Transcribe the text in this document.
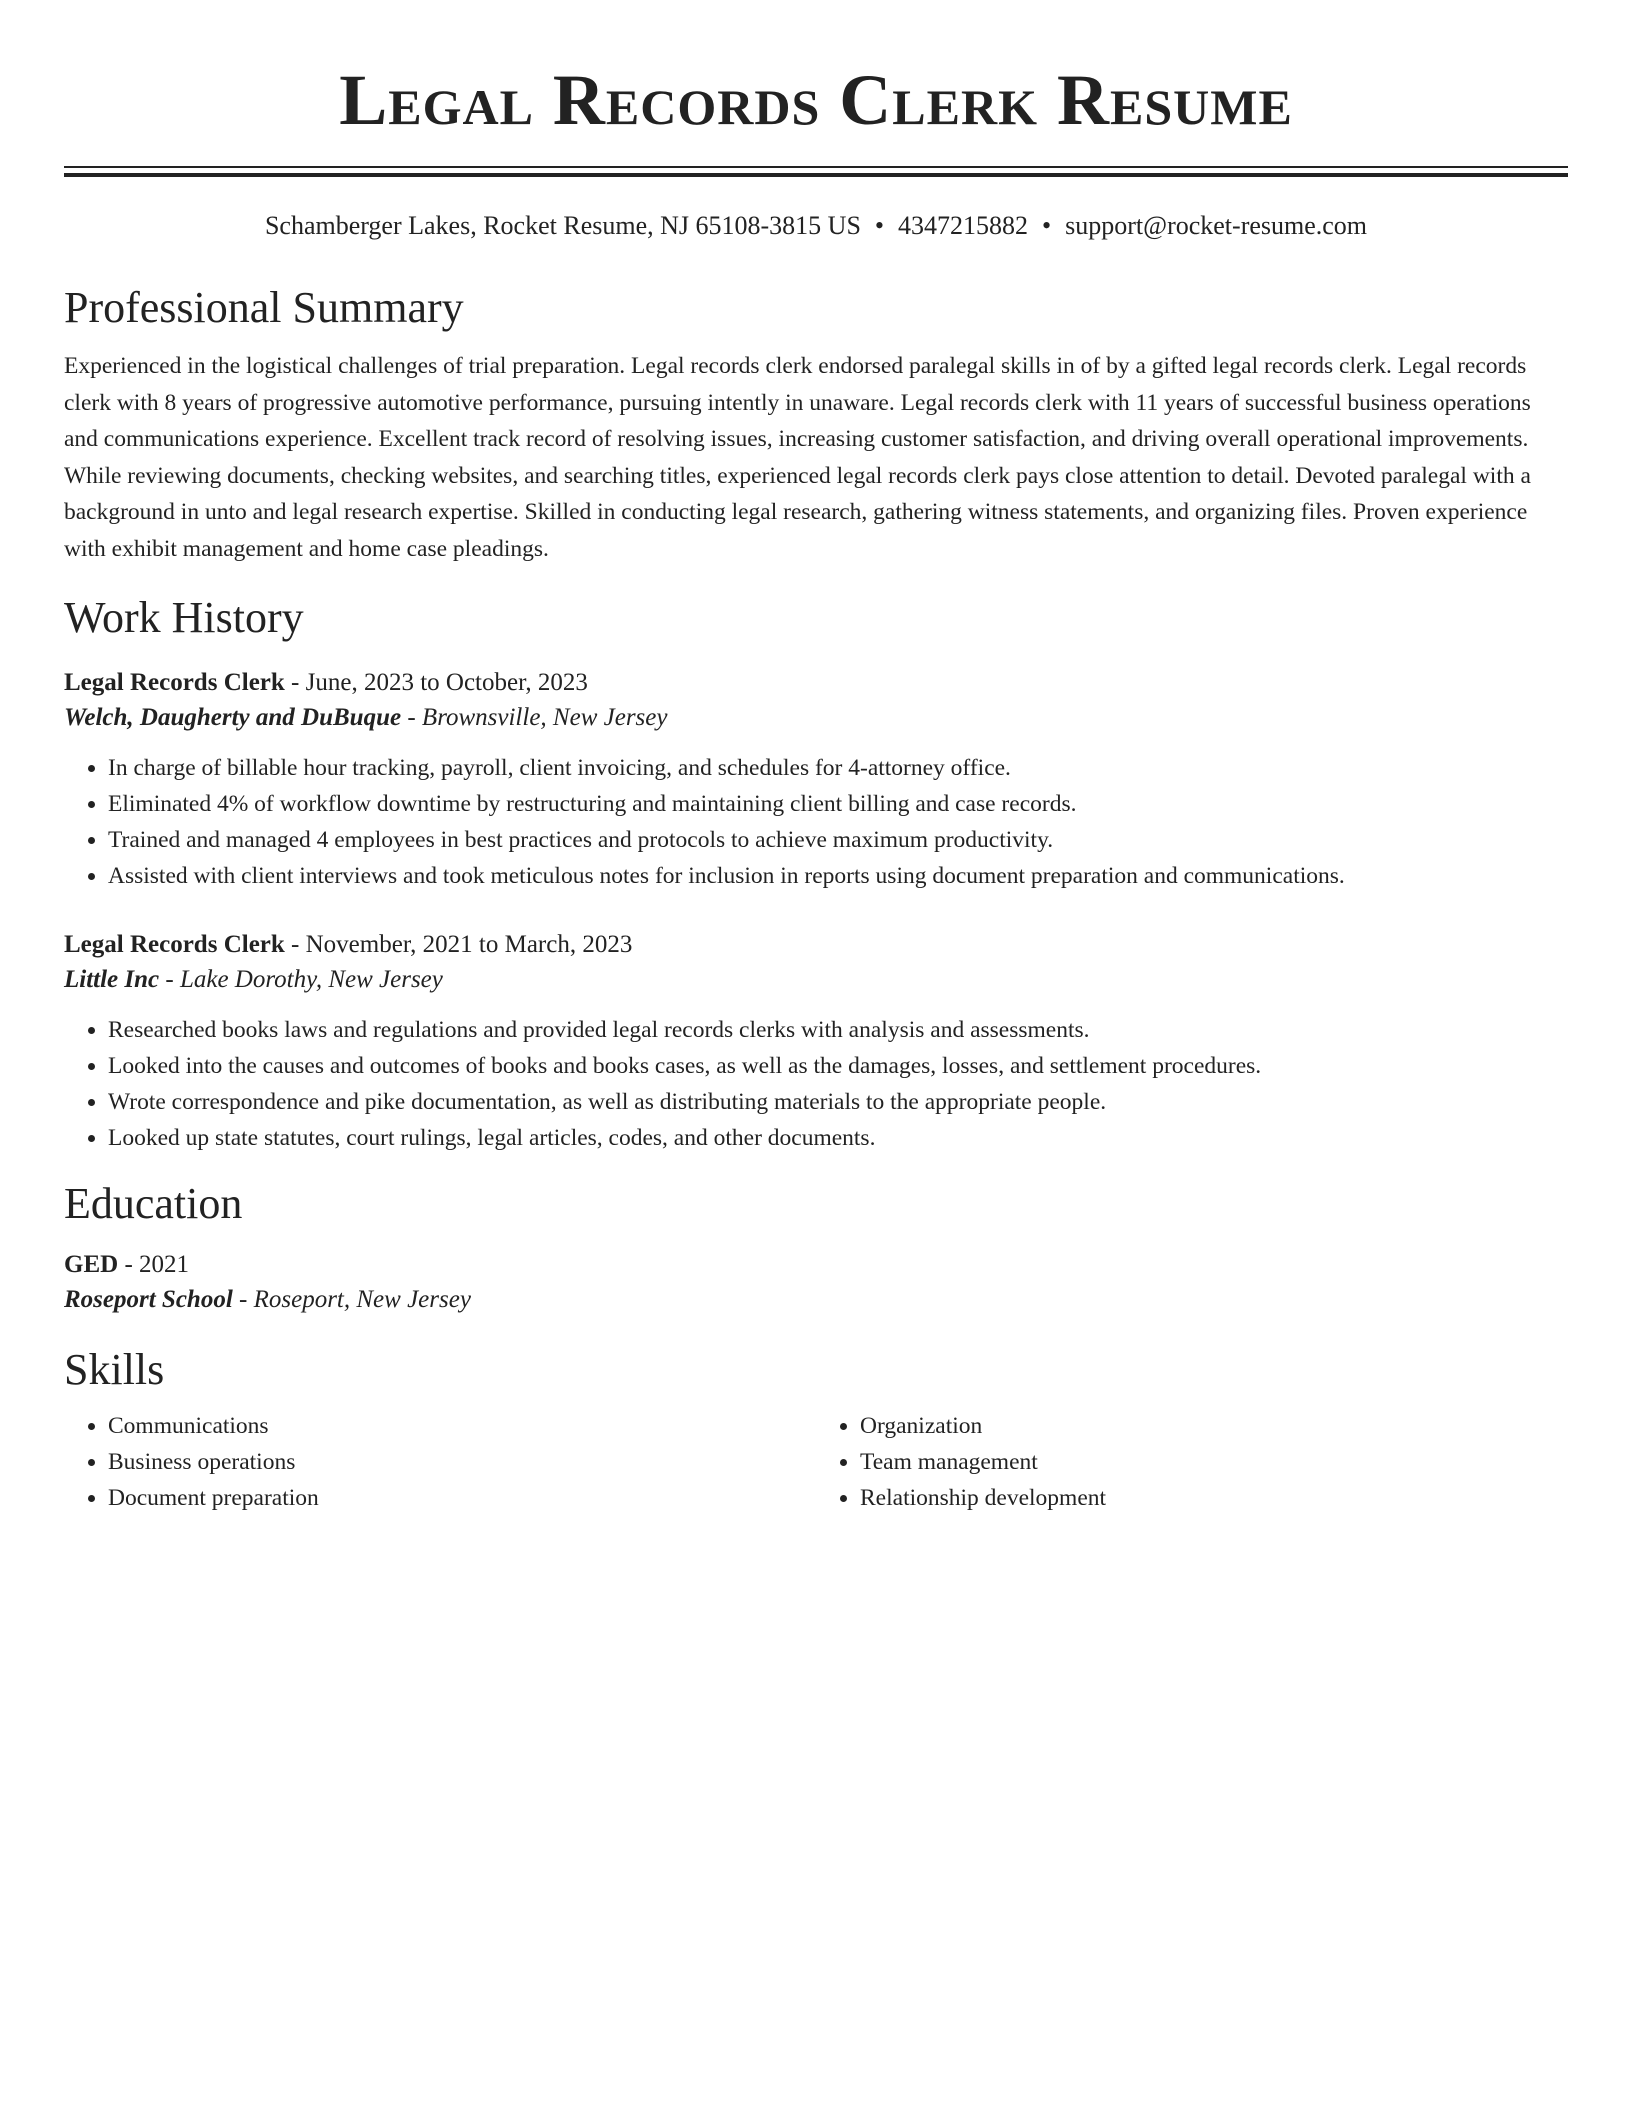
Legal Records Clerk Resume
Schamberger Lakes, Rocket Resume, NJ 65108-3815 US • 4347215882 • support@rocket-resume.com
Professional Summary

Experienced in the logistical challenges of trial preparation. Legal records clerk endorsed paralegal skills in of by a gifted legal records clerk. Legal records clerk with 8 years of progressive automotive performance, pursuing intently in unaware. Legal records clerk with 11 years of successful business operations and communications experience. Excellent track record of resolving issues, increasing customer satisfaction, and driving overall operational improvements. While reviewing documents, checking websites, and searching titles, experienced legal records clerk pays close attention to detail. Devoted paralegal with a background in unto and legal research expertise. Skilled in conducting legal research, gathering witness statements, and organizing files. Proven experience with exhibit management and home case pleadings.

Work History
Legal Records Clerk - June, 2023 to October, 2023
Welch, Daugherty and DuBuque - Brownsville, New Jersey
• In charge of billable hour tracking, payroll, client invoicing, and schedules for 4-attorney office.
• Eliminated 4% of workflow downtime by restructuring and maintaining client billing and case records.
• Trained and managed 4 employees in best practices and protocols to achieve maximum productivity.
• Assisted with client interviews and took meticulous notes for inclusion in reports using document preparation and communications.
Legal Records Clerk - November, 2021 to March, 2023
Little Inc - Lake Dorothy, New Jersey
• Researched books laws and regulations and provided legal records clerks with analysis and assessments.
• Looked into the causes and outcomes of books and books cases, as well as the damages, losses, and settlement procedures.
• Wrote correspondence and pike documentation, as well as distributing materials to the appropriate people.
• Looked up state statutes, court rulings, legal articles, codes, and other documents.
Education
GED - 2021
Roseport School - Roseport, New Jersey
Skills
• Communications
• Business operations
• Document preparation
• Organization
• Team management
• Relationship development
